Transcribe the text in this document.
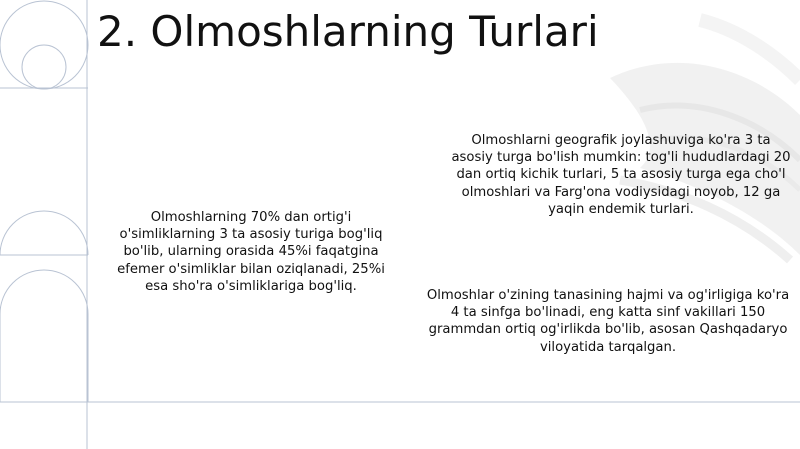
2. Olmoshlarning Turlari

Olmoshlarning 70% dan ortig'i o'simliklarning 3 ta asosiy turiga bog'liq bo'lib, ularning orasida 45%i faqatgina efemer o'simliklar bilan oziqlanadi, 25%i esa sho'ra o'simliklariga bog'liq.

Olmoshlarni geografik joylashuviga ko'ra 3 ta asosiy turga bo'lish mumkin: tog'li hududlardagi 20 dan ortiq kichik turlari, 5 ta asosiy turga ega cho'l olmoshlari va Farg'ona vodiysidagi noyob, 12 ga yaqin endemik turlari.

Olmoshlar o'zining tanasining hajmi va og'irligiga ko'ra 4 ta sinfga bo'linadi, eng katta sinf vakillari 150 grammdan ortiq og'irlikda bo'lib, asosan Qashqadaryo viloyatida tarqalgan.
